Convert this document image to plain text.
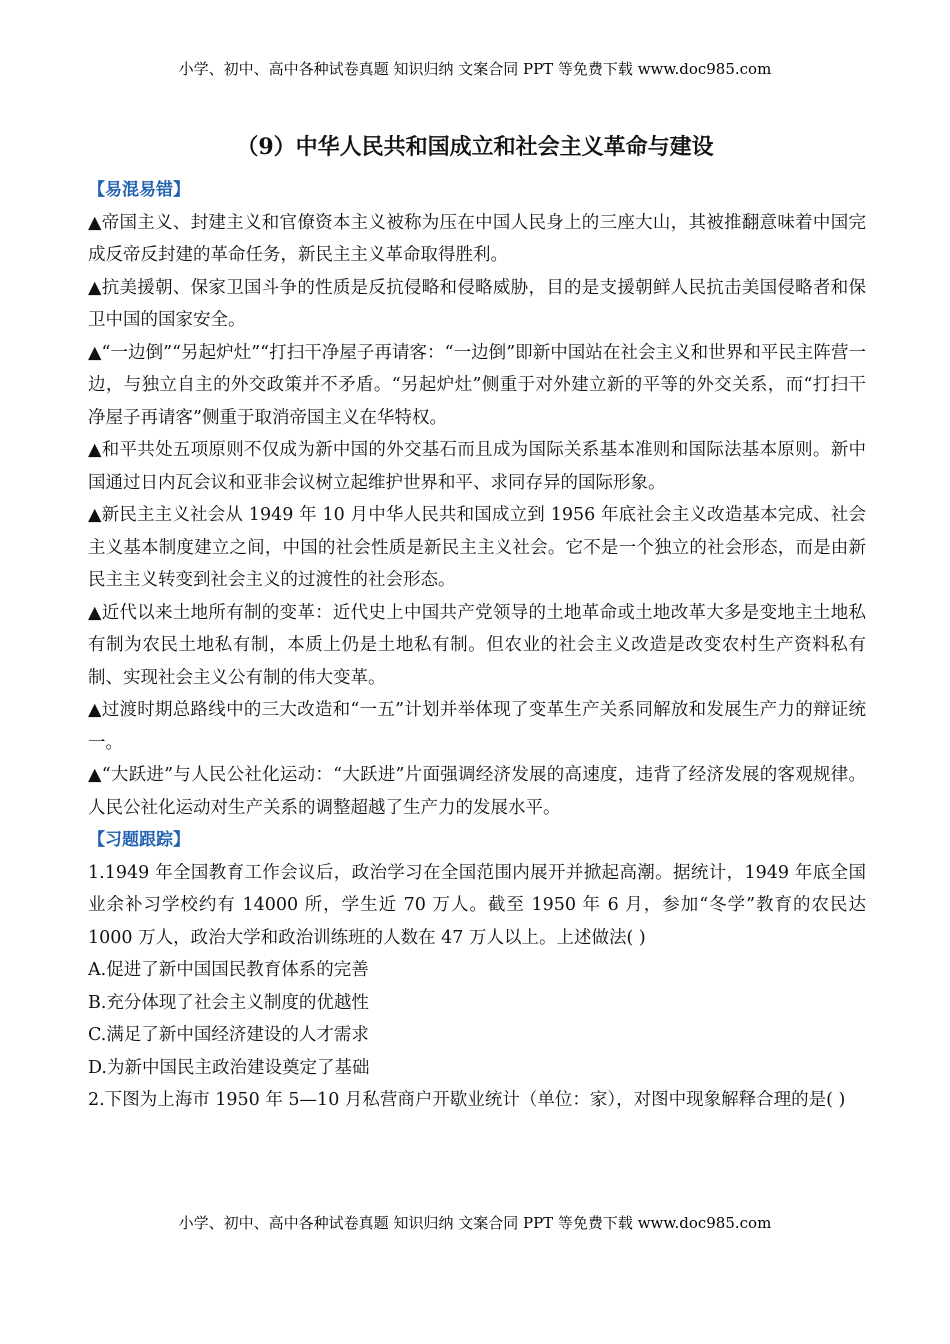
小学、初中、高中各种试卷真题 知识归纳 文案合同 PPT 等免费下载 www.doc985.com
（9）中华人民共和国成立和社会主义革命与建设
【易混易错】
▲帝国主义、封建主义和官僚资本主义被称为压在中国人民身上的三座大山，其被推翻意味着中国完成反帝反封建的革命任务，新民主主义革命取得胜利。
▲抗美援朝、保家卫国斗争的性质是反抗侵略和侵略威胁，目的是支援朝鲜人民抗击美国侵略者和保卫中国的国家安全。
▲“一边倒”“另起炉灶”“打扫干净屋子再请客：“一边倒”即新中国站在社会主义和世界和平民主阵营一边，与独立自主的外交政策并不矛盾。“另起炉灶”侧重于对外建立新的平等的外交关系，而“打扫干净屋子再请客”侧重于取消帝国主义在华特权。
▲和平共处五项原则不仅成为新中国的外交基石而且成为国际关系基本准则和国际法基本原则。新中国通过日内瓦会议和亚非会议树立起维护世界和平、求同存异的国际形象。
▲新民主主义社会从 1949 年 10 月中华人民共和国成立到 1956 年底社会主义改造基本完成、社会主义基本制度建立之间，中国的社会性质是新民主主义社会。它不是一个独立的社会形态，而是由新民主主义转变到社会主义的过渡性的社会形态。
▲近代以来土地所有制的变革：近代史上中国共产党领导的土地革命或土地改革大多是变地主土地私有制为农民土地私有制，本质上仍是土地私有制。但农业的社会主义改造是改变农村生产资料私有制、实现社会主义公有制的伟大变革。
▲过渡时期总路线中的三大改造和“一五”计划并举体现了变革生产关系同解放和发展生产力的辩证统一。
▲“大跃进”与人民公社化运动：“大跃进”片面强调经济发展的高速度，违背了经济发展的客观规律。人民公社化运动对生产关系的调整超越了生产力的发展水平。
【习题跟踪】
1.1949 年全国教育工作会议后，政治学习在全国范围内展开并掀起高潮。据统计，1949 年底全国业余补习学校约有 14000 所，学生近 70 万人。截至 1950 年 6 月，参加“冬学”教育的农民达 1000 万人，政治大学和政治训练班的人数在 47 万人以上。上述做法( )
A.促进了新中国国民教育体系的完善
B.充分体现了社会主义制度的优越性
C.满足了新中国经济建设的人才需求
D.为新中国民主政治建设奠定了基础
2.下图为上海市 1950 年 5—10 月私营商户开歇业统计（单位：家），对图中现象解释合理的是( )
小学、初中、高中各种试卷真题 知识归纳 文案合同 PPT 等免费下载 www.doc985.com
